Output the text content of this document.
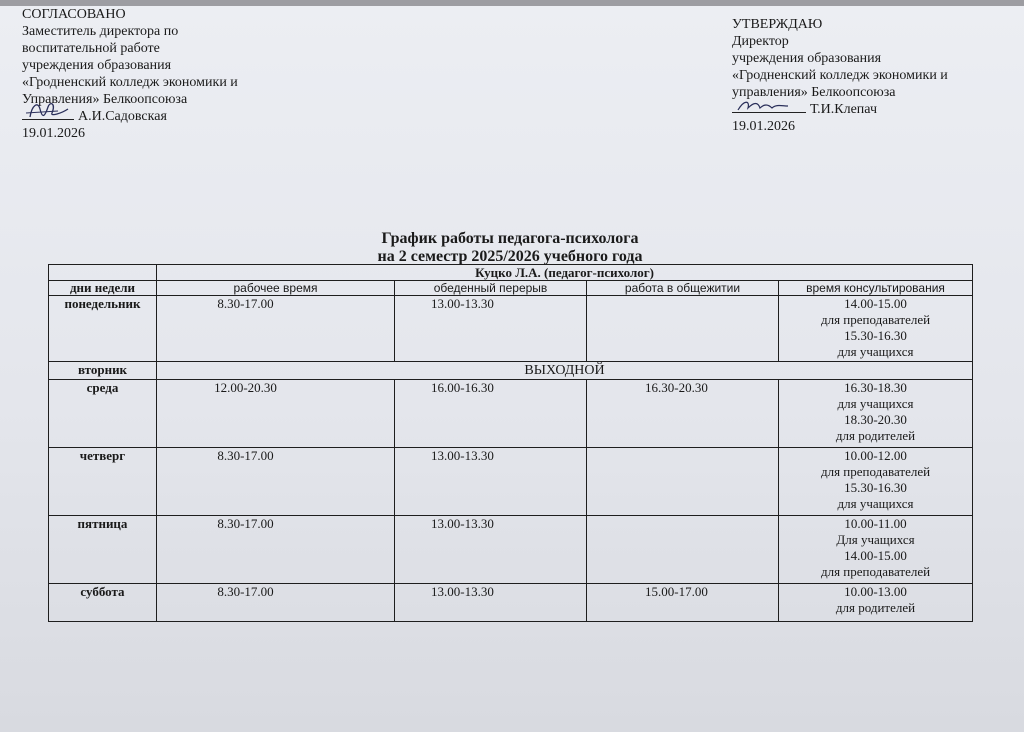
СОГЛАСОВАНО
Заместитель директора по
воспитательной работе
учреждения образования
«Гродненский колледж экономики и
Управления» Белкоопсоюза
А.И.Садовская
19.01.2026
УТВЕРЖДАЮ
Директор
учреждения образования
«Гродненский колледж экономики и
управления» Белкоопсоюза
Т.И.Клепач
19.01.2026
График работы педагога-психолога
на 2 семестр 2025/2026 учебного года
	Куцко Л.А. (педагог-психолог)			
дни недели	рабочее время	обеденный перерыв	работа в общежитии	время консультирования
понедельник	8.30-17.00	13.00-13.30		14.00-15.00
для преподавателей
15.30-16.30
для учащихся

вторник	ВЫХОДНОЙ			
среда	12.00-20.30	16.00-16.30	16.30-20.30	16.30-18.30
для учащихся
18.30-20.30
для родителей

четверг	8.30-17.00	13.00-13.30		10.00-12.00
для преподавателей
15.30-16.30
для учащихся

пятница	8.30-17.00	13.00-13.30		10.00-11.00
Для учащихся
14.00-15.00
для преподавателей

суббота	8.30-17.00	13.00-13.30	15.00-17.00	10.00-13.00
для родителей
